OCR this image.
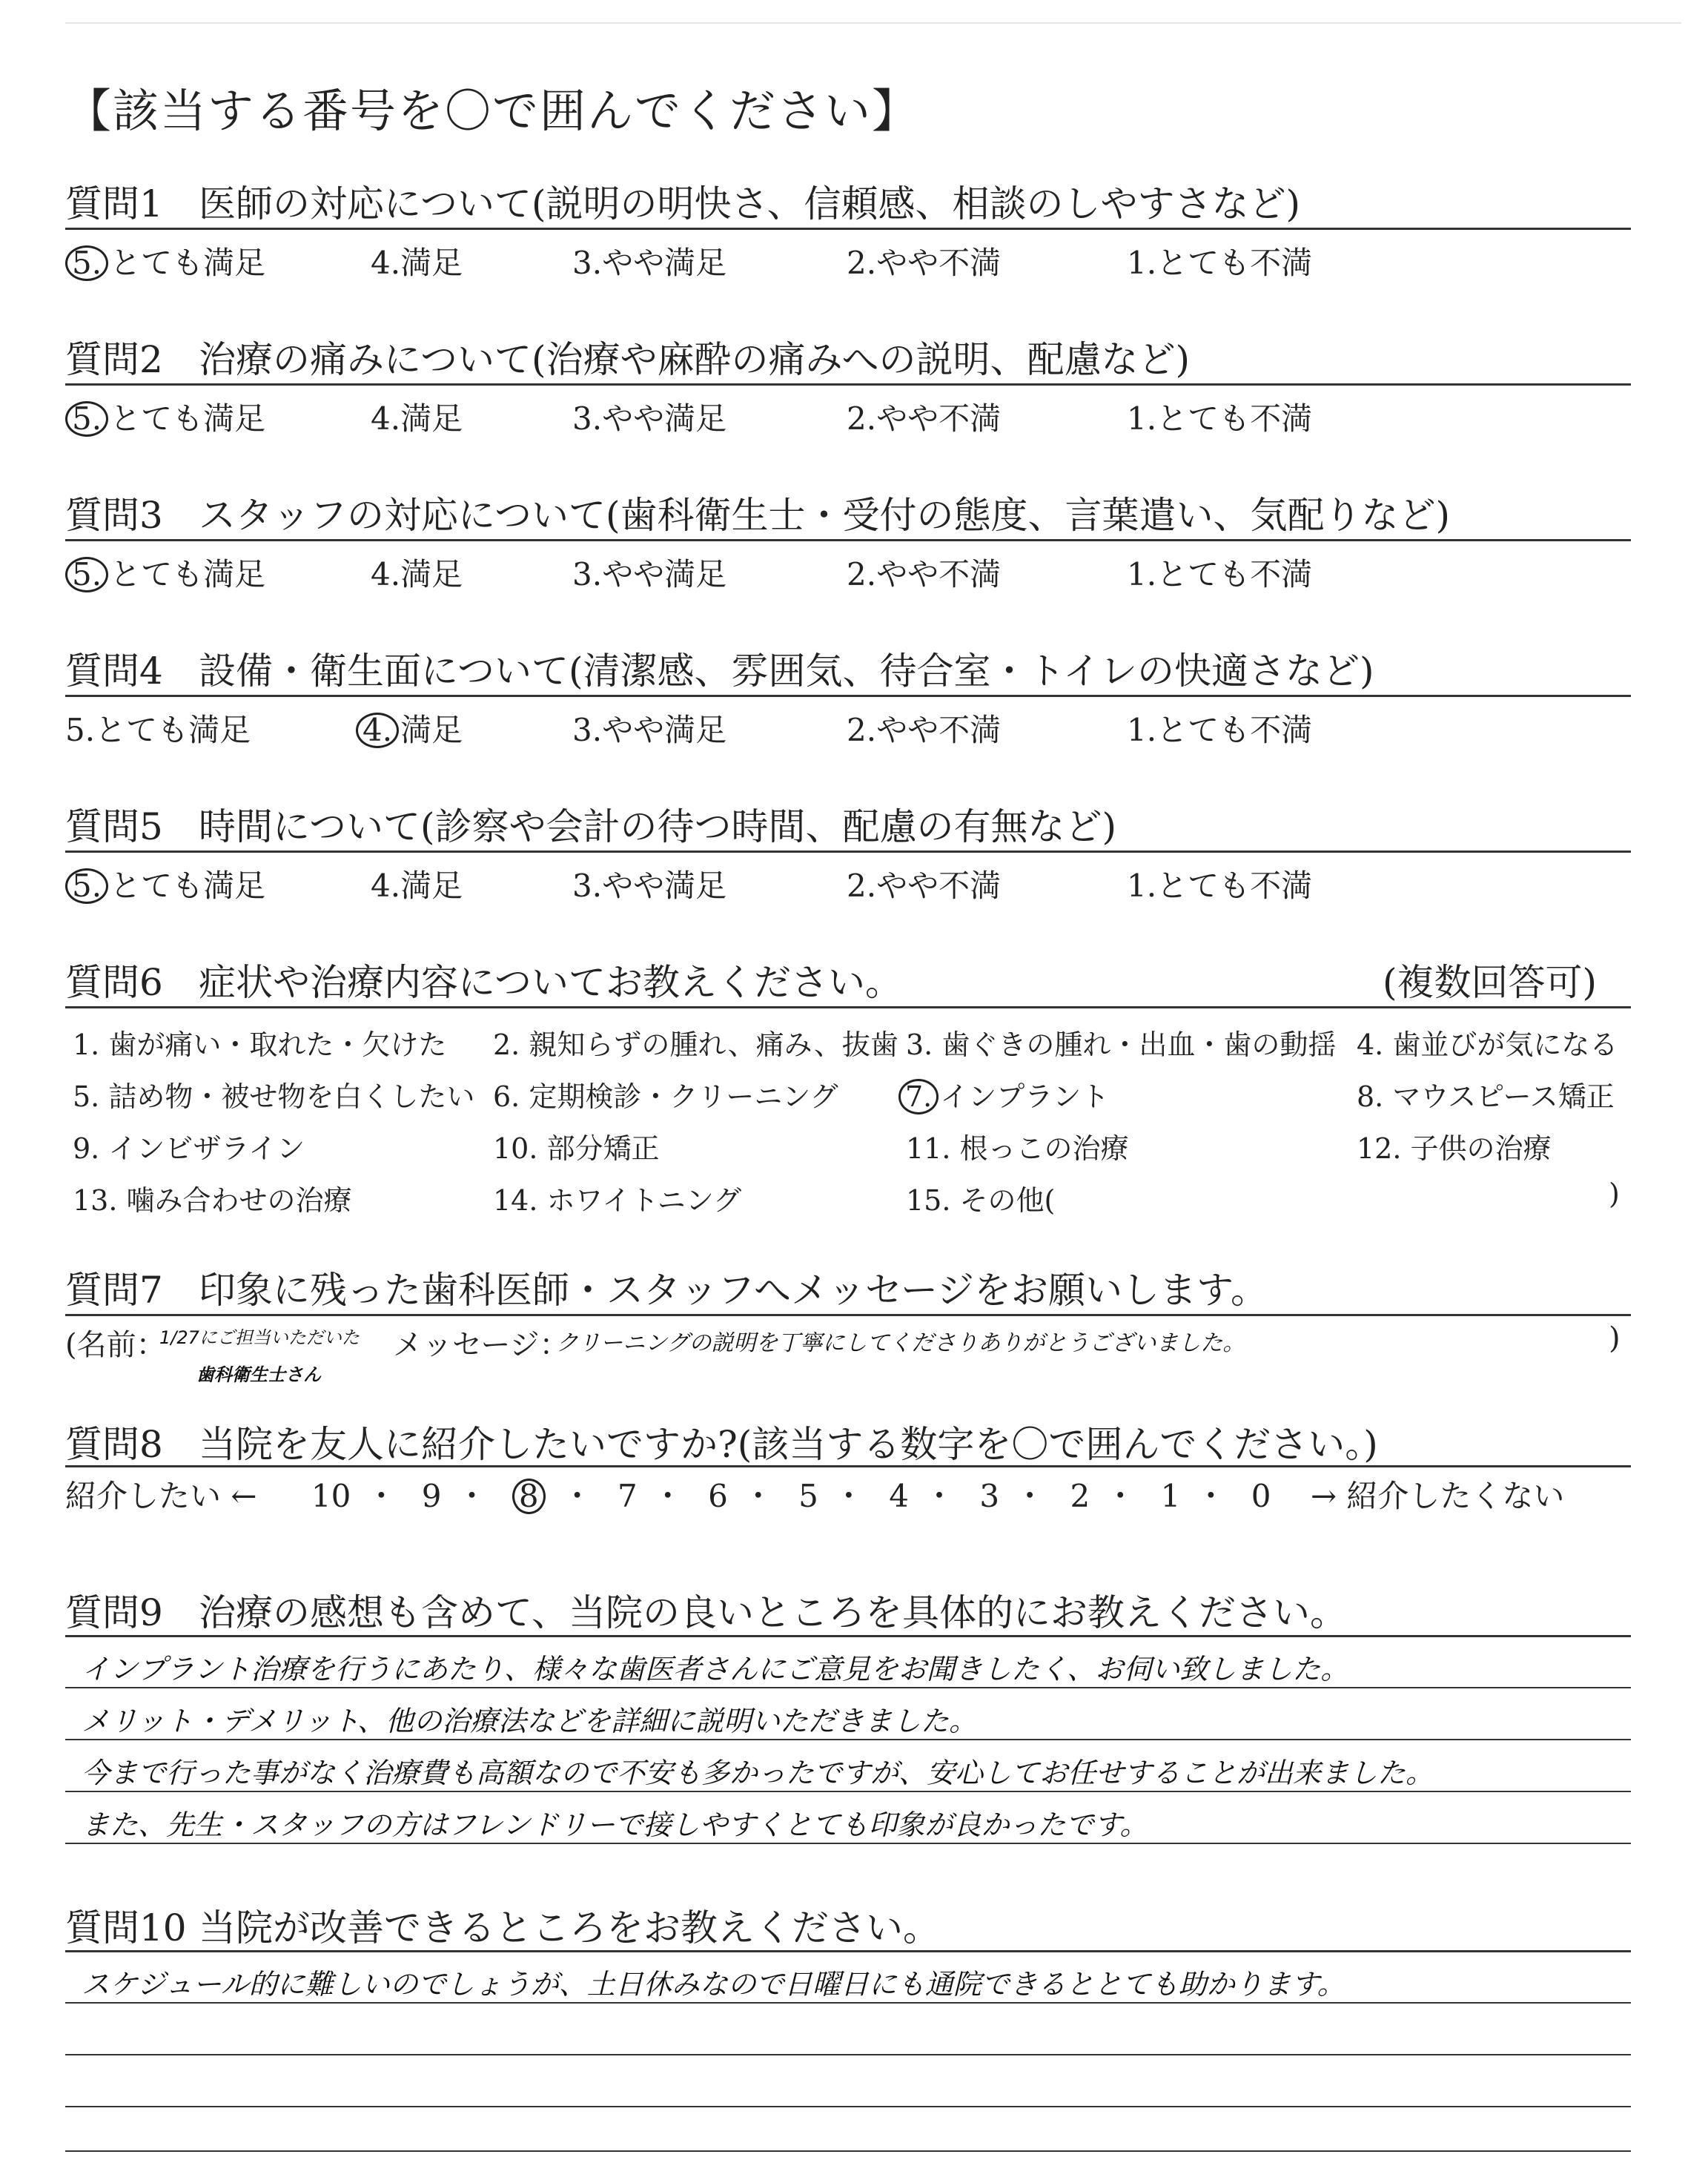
【該当する番号を〇で囲んでください】
質問1 医師の対応について(説明の明快さ、信頼感、相談のしやすさなど)
5. とても満足	4.満足	3.やや満足	2.やや不満	1.とても不満
質問2 治療の痛みについて(治療や麻酔の痛みへの説明、配慮など)
5. とても満足	4.満足	3.やや満足	2.やや不満	1.とても不満
質問3 スタッフの対応について(歯科衛生士・受付の態度、言葉遣い、気配りなど)
5. とても満足	4.満足	3.やや満足	2.やや不満	1.とても不満
質問4 設備・衛生面について(清潔感、雰囲気、待合室・トイレの快適さなど)
5.とても満足	4. 満足	3.やや満足	2.やや不満	1.とても不満
質問5 時間について(診察や会計の待つ時間、配慮の有無など)
5. とても満足	4.満足	3.やや満足	2.やや不満	1.とても不満
質問6 症状や治療内容についてお教えください。	(複数回答可)
1. 歯が痛い・取れた・欠けた 2. 親知らずの腫れ、痛み、抜歯 3. 歯ぐきの腫れ・出血・歯の動揺 4. 歯並びが気になる
5. 詰め物・被せ物を白くしたい 6. 定期検診・クリーニング 7. インプラント	8. マウスピース矯正
9. インビザライン	10. 部分矯正	11. 根っこの治療	12. 子供の治療
13. 噛み合わせの治療	14. ホワイトニング	15. その他(	)
質問7 印象に残った歯科医師・スタッフへメッセージをお願いします。
(名前：
1/27にご担当いただいた
歯科衛生士さん
メッセージ：
クリーニングの説明を丁寧にしてくださりありがとうございました。	)
質問8 当院を友人に紹介したいですか?(該当する数字を〇で囲んでください。)
紹介したい ← 10 ・ 9 ・ 8 ・ 7 ・ 6 ・ 5 ・ 4 ・ 3 ・ 2 ・ 1 ・ 0 → 紹介したくない
質問9 治療の感想も含めて、当院の良いところを具体的にお教えください。
インプラント治療を行うにあたり、様々な歯医者さんにご意見をお聞きしたく、お伺い致しました。
メリット・デメリット、他の治療法などを詳細に説明いただきました。
今まで行った事がなく治療費も高額なので不安も多かったですが、安心してお任せすることが出来ました。
また、先生・スタッフの方はフレンドリーで接しやすくとても印象が良かったです。
質問10 当院が改善できるところをお教えください。
スケジュール的に難しいのでしょうが、土日休みなので日曜日にも通院できるととても助かります。
